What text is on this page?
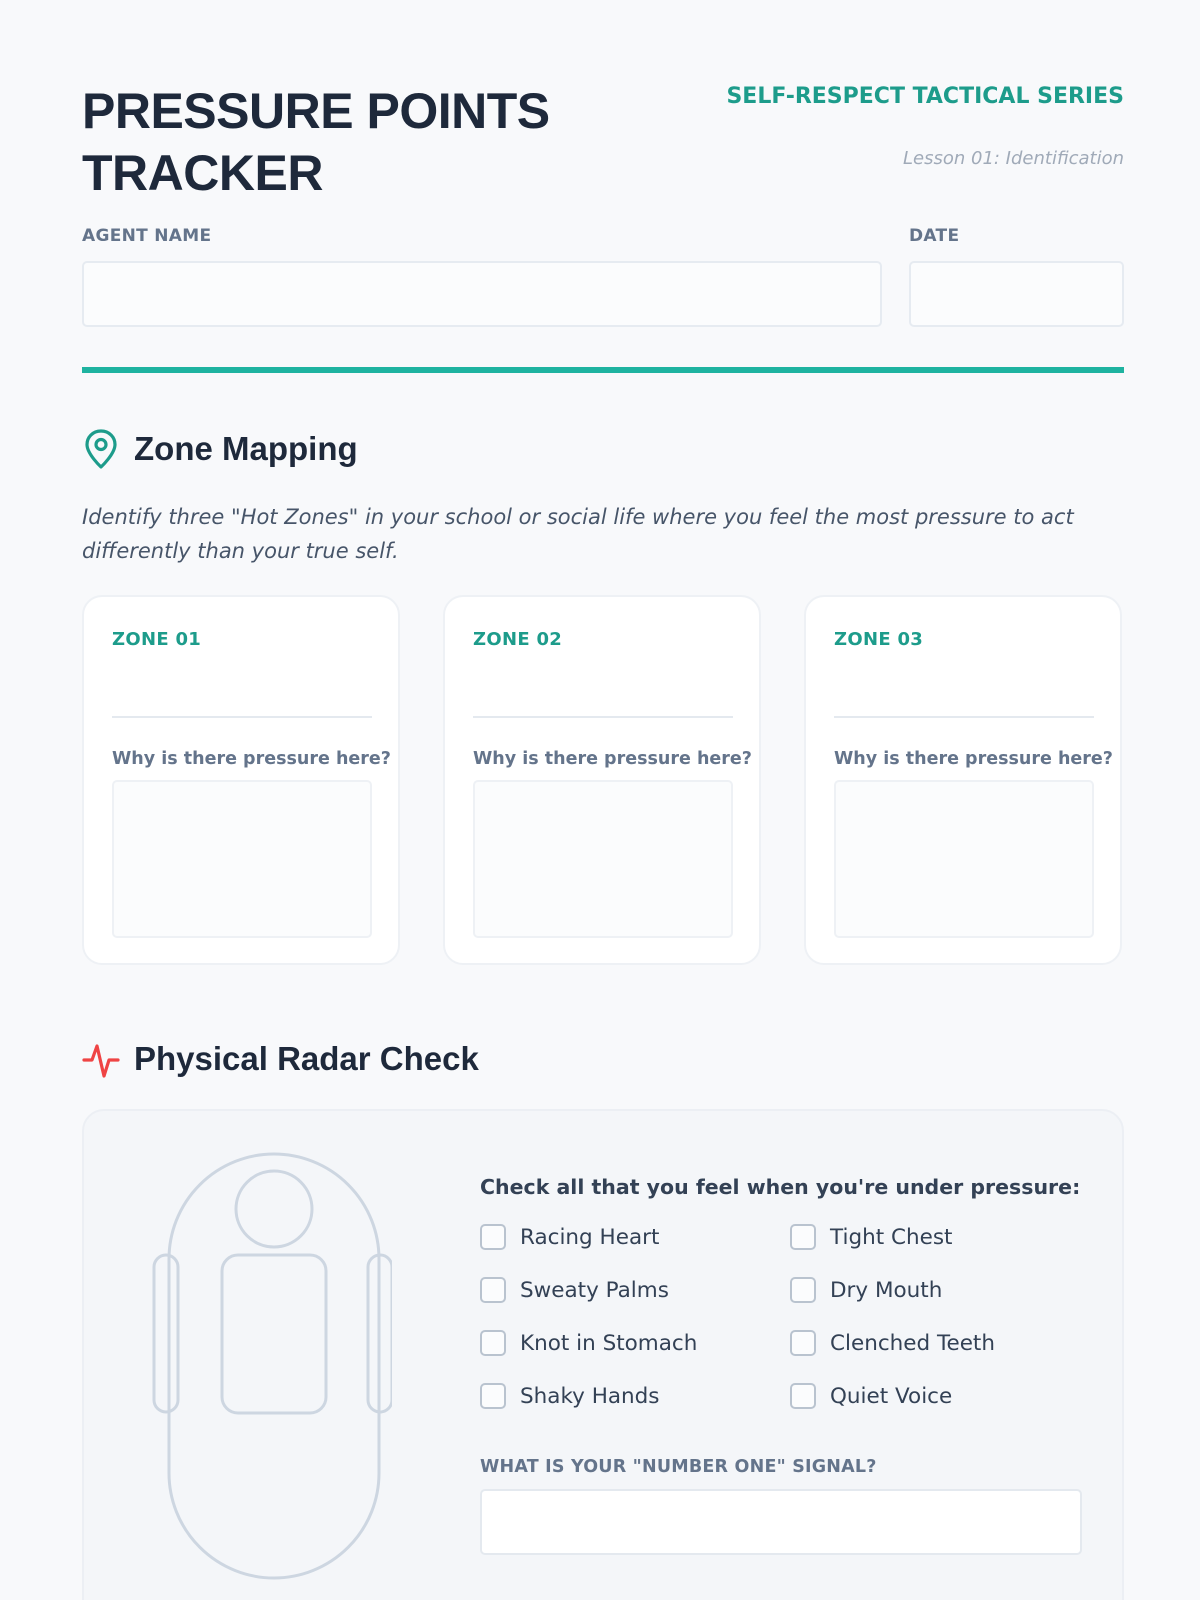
PRESSURE POINTS TRACKER
SELF-RESPECT TACTICAL SERIES
Lesson 01: Identification
AGENT NAME	DATE
Zone Mapping

Identify three "Hot Zones" in your school or social life where you feel the most pressure to act differently than your true self.

ZONE 01
Why is there pressure here?
ZONE 02
Why is there pressure here?
ZONE 03
Why is there pressure here?
Physical Radar Check
Check all that you feel when you're under pressure:
Racing Heart	Tight Chest
Sweaty Palms	Dry Mouth
Knot in Stomach	Clenched Teeth
Shaky Hands	Quiet Voice
WHAT IS YOUR "NUMBER ONE" SIGNAL?
